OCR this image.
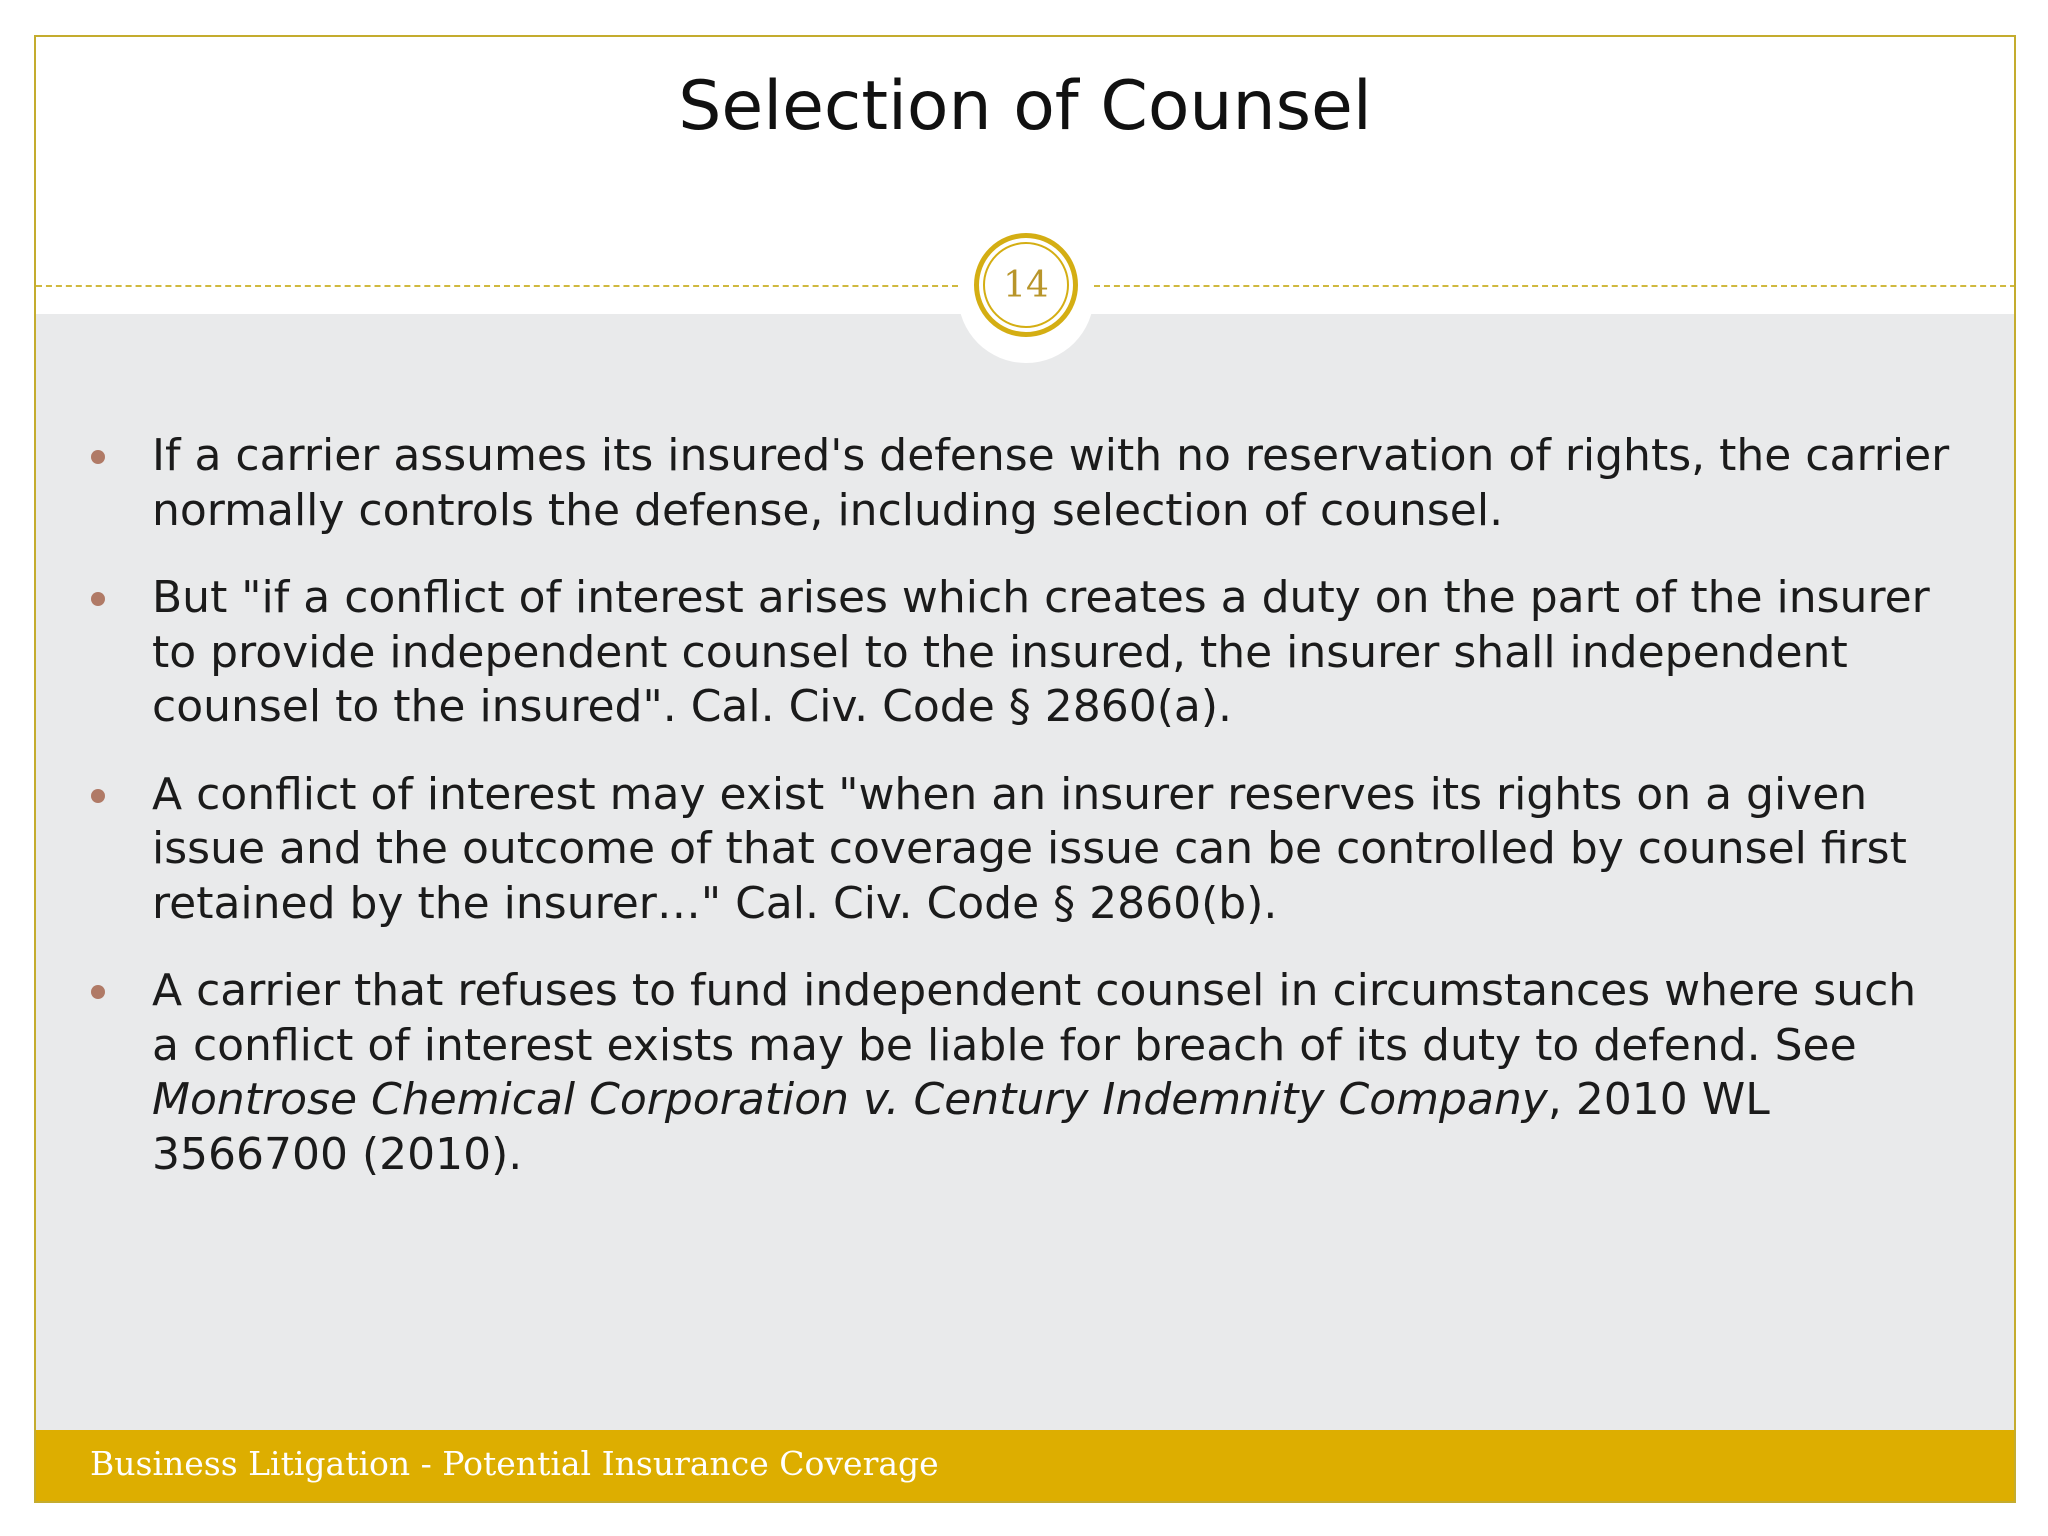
Selection of Counsel
14
If a carrier assumes its insured's defense with no reservation of rights, the carrier normally controls the defense, including selection of counsel.
But "if a conflict of interest arises which creates a duty on the part of the insurer to provide independent counsel to the insured, the insurer shall independent counsel to the insured". Cal. Civ. Code § 2860(a).
A conflict of interest may exist "when an insurer reserves its rights on a given issue and the outcome of that coverage issue can be controlled by counsel first retained by the insurer…" Cal. Civ. Code § 2860(b).
A carrier that refuses to fund independent counsel in circumstances where such a conflict of interest exists may be liable for breach of its duty to defend. See Montrose Chemical Corporation v. Century Indemnity Company, 2010 WL 3566700 (2010).
Business Litigation - Potential Insurance Coverage
